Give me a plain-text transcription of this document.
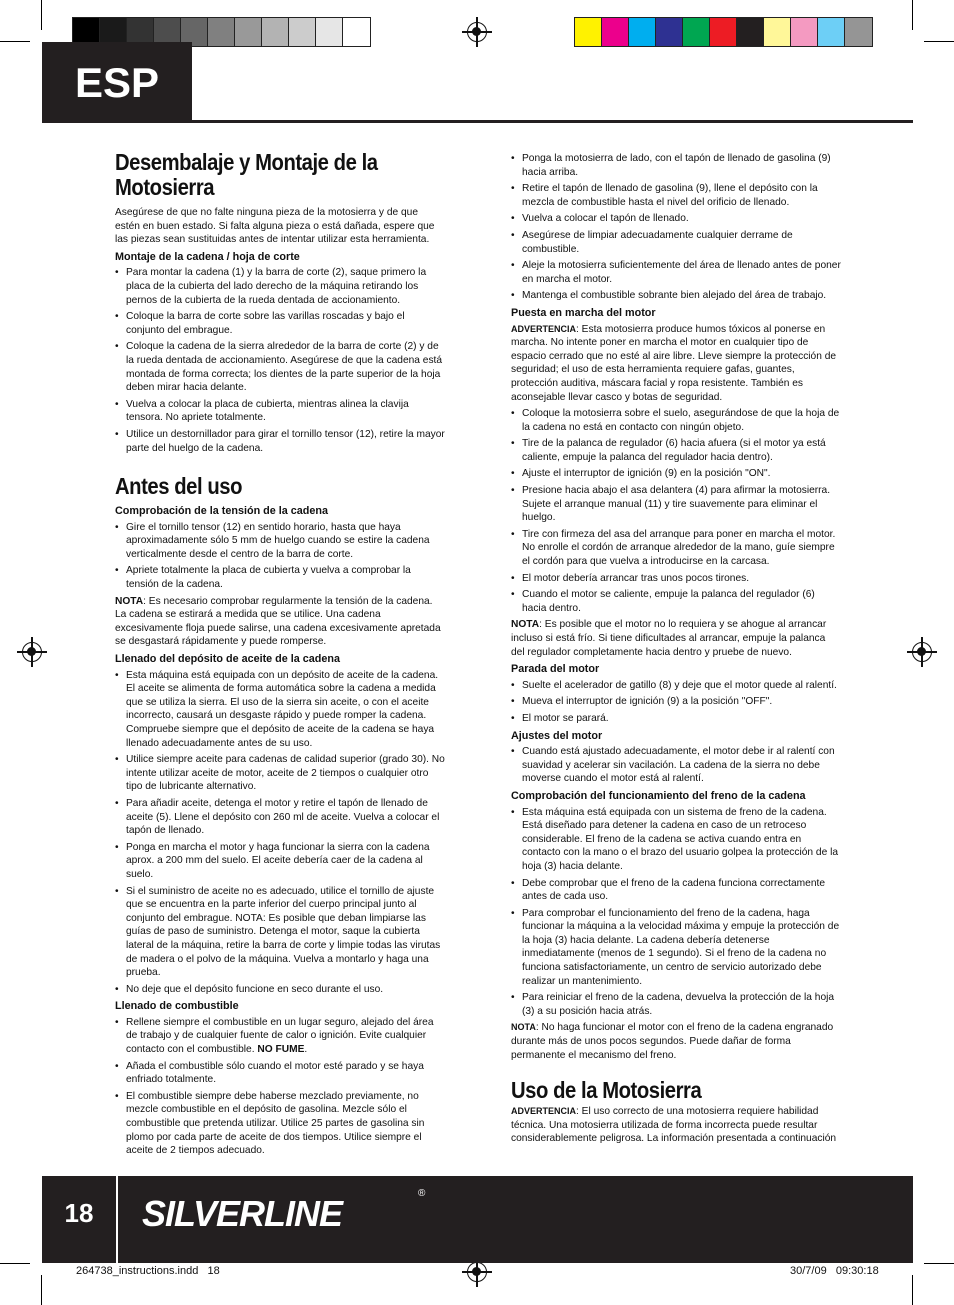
ESP
Desembalaje y Montaje de la Motosierra

Asegúrese de que no falte ninguna pieza de la motosierra y de que estén en buen estado. Si falta alguna pieza o está dañada, espere que las piezas sean sustituidas antes de intentar utilizar esta herramienta.

Montaje de la cadena / hoja de corte
• Para montar la cadena (1) y la barra de corte (2), saque primero la placa de la cubierta del lado derecho de la máquina retirando los pernos de la cubierta de la rueda dentada de accionamiento.
• Coloque la barra de corte sobre las varillas roscadas y bajo el conjunto del embrague.
• Coloque la cadena de la sierra alrededor de la barra de corte (2) y de la rueda dentada de accionamiento. Asegúrese de que la cadena está montada de forma correcta; los dientes de la parte superior de la hoja deben mirar hacia delante.
• Vuelva a colocar la placa de cubierta, mientras alinea la clavija tensora. No apriete totalmente.
• Utilice un destornillador para girar el tornillo tensor (12), retire la mayor parte del huelgo de la cadena.
Antes del uso
Comprobación de la tensión de la cadena
• Gire el tornillo tensor (12) en sentido horario, hasta que haya aproximadamente sólo 5 mm de huelgo cuando se estire la cadena verticalmente desde el centro de la barra de corte.
• Apriete totalmente la placa de cubierta y vuelva a comprobar la tensión de la cadena.

NOTA: Es necesario comprobar regularmente la tensión de la cadena. La cadena se estirará a medida que se utilice. Una cadena excesivamente floja puede salirse, una cadena excesivamente apretada se desgastará rápidamente y puede romperse.

Llenado del depósito de aceite de la cadena
• Esta máquina está equipada con un depósito de aceite de la cadena. El aceite se alimenta de forma automática sobre la cadena a medida que se utiliza la sierra. El uso de la sierra sin aceite, o con el aceite incorrecto, causará un desgaste rápido y puede romper la cadena. Compruebe siempre que el depósito de aceite de la cadena se haya llenado adecuadamente antes de su uso.
• Utilice siempre aceite para cadenas de calidad superior (grado 30). No intente utilizar aceite de motor, aceite de 2 tiempos o cualquier otro tipo de lubricante alternativo.
• Para añadir aceite, detenga el motor y retire el tapón de llenado de aceite (5). Llene el depósito con 260 ml de aceite. Vuelva a colocar el tapón de llenado.
• Ponga en marcha el motor y haga funcionar la sierra con la cadena aprox. a 200 mm del suelo. El aceite debería caer de la cadena al suelo.
• Si el suministro de aceite no es adecuado, utilice el tornillo de ajuste que se encuentra en la parte inferior del cuerpo principal junto al conjunto del embrague. NOTA: Es posible que deban limpiarse las guías de paso de suministro. Detenga el motor, saque la cubierta lateral de la máquina, retire la barra de corte y limpie todas las virutas de madera o el polvo de la máquina. Vuelva a montarlo y haga una prueba.
• No deje que el depósito funcione en seco durante el uso.
Llenado de combustible
• Rellene siempre el combustible en un lugar seguro, alejado del área de trabajo y de cualquier fuente de calor o ignición. Evite cualquier contacto con el combustible. NO FUME.
• Añada el combustible sólo cuando el motor esté parado y se haya enfriado totalmente.
• El combustible siempre debe haberse mezclado previamente, no mezcle combustible en el depósito de gasolina. Mezcle sólo el combustible que pretenda utilizar. Utilice 25 partes de gasolina sin plomo por cada parte de aceite de dos tiempos. Utilice siempre el aceite de 2 tiempos adecuado.
• Ponga la motosierra de lado, con el tapón de llenado de gasolina (9) hacia arriba.
• Retire el tapón de llenado de gasolina (9), llene el depósito con la mezcla de combustible hasta el nivel del orificio de llenado.
• Vuelva a colocar el tapón de llenado.
• Asegúrese de limpiar adecuadamente cualquier derrame de combustible.
• Aleje la motosierra suficientemente del área de llenado antes de poner en marcha el motor.
• Mantenga el combustible sobrante bien alejado del área de trabajo.
Puesta en marcha del motor

ADVERTENCIA: Esta motosierra produce humos tóxicos al ponerse en marcha. No intente poner en marcha el motor en cualquier tipo de espacio cerrado que no esté al aire libre. Lleve siempre la protección de seguridad; el uso de esta herramienta requiere gafas, guantes, protección auditiva, máscara facial y ropa resistente. También es aconsejable llevar casco y botas de seguridad.

• Coloque la motosierra sobre el suelo, asegurándose de que la hoja de la cadena no está en contacto con ningún objeto.
• Tire de la palanca de regulador (6) hacia afuera (si el motor ya está caliente, empuje la palanca del regulador hacia dentro).
• Ajuste el interruptor de ignición (9) en la posición "ON".
• Presione hacia abajo el asa delantera (4) para afirmar la motosierra. Sujete el arranque manual (11) y tire suavemente para eliminar el huelgo.
• Tire con firmeza del asa del arranque para poner en marcha el motor. No enrolle el cordón de arranque alrededor de la mano, guíe siempre el cordón para que vuelva a introducirse en la carcasa.
• El motor debería arrancar tras unos pocos tirones.
• Cuando el motor se caliente, empuje la palanca del regulador (6) hacia dentro.

NOTA: Es posible que el motor no lo requiera y se ahogue al arrancar incluso si está frío. Si tiene dificultades al arrancar, empuje la palanca del regulador completamente hacia dentro y pruebe de nuevo.

Parada del motor
• Suelte el acelerador de gatillo (8) y deje que el motor quede al ralentí.
• Mueva el interruptor de ignición (9) a la posición "OFF".
• El motor se parará.
Ajustes del motor
• Cuando está ajustado adecuadamente, el motor debe ir al ralentí con suavidad y acelerar sin vacilación. La cadena de la sierra no debe moverse cuando el motor está al ralentí.
Comprobación del funcionamiento del freno de la cadena
• Esta máquina está equipada con un sistema de freno de la cadena. Está diseñado para detener la cadena en caso de un retroceso considerable. El freno de la cadena se activa cuando entra en contacto con la mano o el brazo del usuario golpea la protección de la hoja (3) hacia delante.
• Debe comprobar que el freno de la cadena funciona correctamente antes de cada uso.
• Para comprobar el funcionamiento del freno de la cadena, haga funcionar la máquina a la velocidad máxima y empuje la protección de la hoja (3) hacia delante. La cadena debería detenerse inmediatamente (menos de 1 segundo). Si el freno de la cadena no funciona satisfactoriamente, un centro de servicio autorizado debe realizar un mantenimiento.
• Para reiniciar el freno de la cadena, devuelva la protección de la hoja (3) a su posición hacia atrás.

NOTA: No haga funcionar el motor con el freno de la cadena engranado durante más de unos pocos segundos. Puede dañar de forma permanente el mecanismo del freno.

Uso de la Motosierra

ADVERTENCIA: El uso correcto de una motosierra requiere habilidad técnica. Una motosierra utilizada de forma incorrecta puede resultar considerablemente peligrosa. La información presentada a continuación

18	SILVERLINE	®
264738_instructions.indd   18	30/7/09   09:30:18
